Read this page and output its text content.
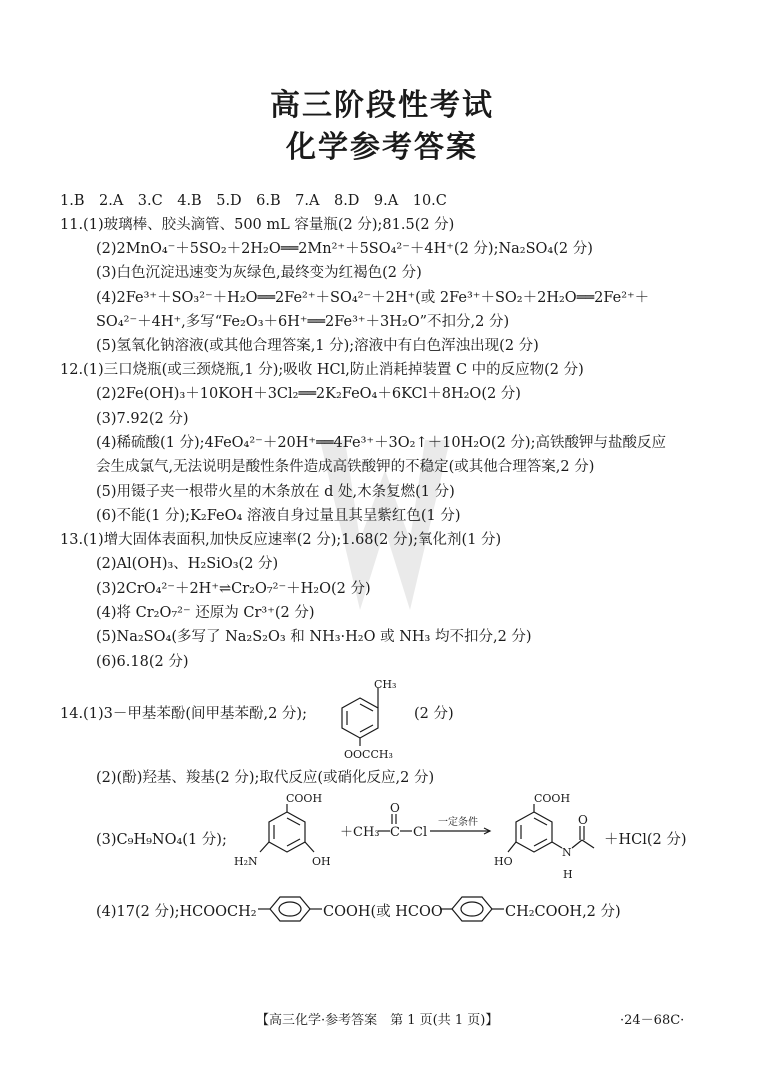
高三阶段性考试
化学参考答案
1.B　2.A　3.C　4.B　5.D　6.B　7.A　8.D　9.A　10.C
11.(1)玻璃棒、胶头滴管、500 mL 容量瓶(2 分);81.5(2 分)
(2)2MnO₄⁻＋5SO₂＋2H₂O══2Mn²⁺＋5SO₄²⁻＋4H⁺(2 分);Na₂SO₄(2 分)
(3)白色沉淀迅速变为灰绿色,最终变为红褐色(2 分)
(4)2Fe³⁺＋SO₃²⁻＋H₂O══2Fe²⁺＋SO₄²⁻＋2H⁺(或 2Fe³⁺＋SO₂＋2H₂O══2Fe²⁺＋
SO₄²⁻＋4H⁺,多写“Fe₂O₃＋6H⁺══2Fe³⁺＋3H₂O”不扣分,2 分)
(5)氢氧化钠溶液(或其他合理答案,1 分);溶液中有白色浑浊出现(2 分)
12.(1)三口烧瓶(或三颈烧瓶,1 分);吸收 HCl,防止消耗掉装置 C 中的反应物(2 分)
(2)2Fe(OH)₃＋10KOH＋3Cl₂══2K₂FeO₄＋6KCl＋8H₂O(2 分)
(3)7.92(2 分)
(4)稀硫酸(1 分);4FeO₄²⁻＋20H⁺══4Fe³⁺＋3O₂↑＋10H₂O(2 分);高铁酸钾与盐酸反应
会生成氯气,无法说明是酸性条件造成高铁酸钾的不稳定(或其他合理答案,2 分)
(5)用镊子夹一根带火星的木条放在 d 处,木条复燃(1 分)
(6)不能(1 分);K₂FeO₄ 溶液自身过量且其呈紫红色(1 分)
13.(1)增大固体表面积,加快反应速率(2 分);1.68(2 分);氧化剂(1 分)
(2)Al(OH)₃、H₂SiO₃(2 分)
(3)2CrO₄²⁻＋2H⁺⇌Cr₂O₇²⁻＋H₂O(2 分)
(4)将 Cr₂O₇²⁻ 还原为 Cr³⁺(2 分)
(5)Na₂SO₄(多写了 Na₂S₂O₃ 和 NH₃·H₂O 或 NH₃ 均不扣分,2 分)
(6)6.18(2 分)
14.(1)3－甲基苯酚(间甲基苯酚,2 分);
CH₃
OOCCH₃
(2 分)
(2)(酚)羟基、羧基(2 分);取代反应(或硝化反应,2 分)
(3)C₉H₉NO₄(1 分);
COOH
H₂N	OH
＋CH₃
O
C Cl
一定条件
COOH
HO
N
H
O
＋HCl(2 分)
(4)17(2 分);HCOOCH₂	COOH(或 HCOO	CH₂COOH,2 分)
【高三化学·参考答案　第 1 页(共 1 页)】	·24－68C·
